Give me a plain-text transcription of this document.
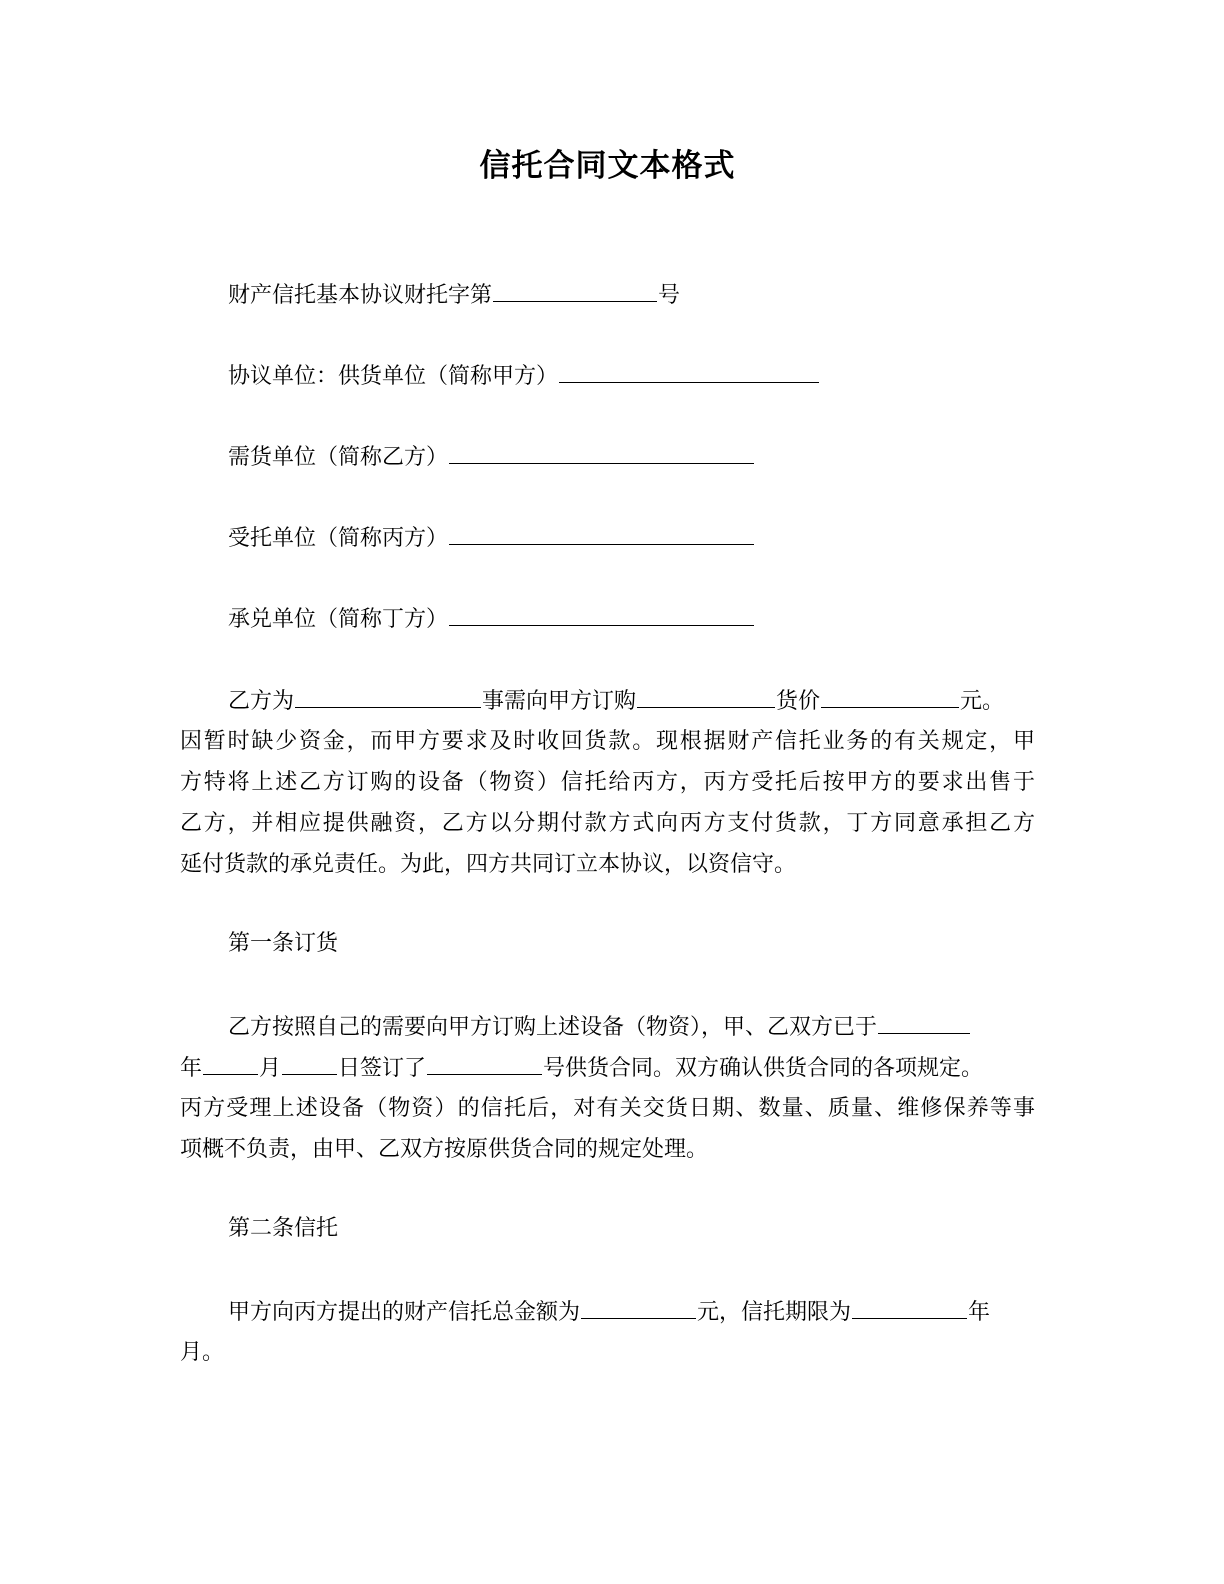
信托合同文本格式
财产信托基本协议财托字第	号
协议单位：供货单位（简称甲方）
需货单位（简称乙方）
受托单位（简称丙方）
承兑单位（简称丁方）
乙方为	事需向甲方订购	货价	元。
因暂时缺少资金，而甲方要求及时收回货款。现根据财产信托业务的有关规定，甲
方特将上述乙方订购的设备（物资）信托给丙方，丙方受托后按甲方的要求出售于
乙方，并相应提供融资，乙方以分期付款方式向丙方支付货款，丁方同意承担乙方
延付货款的承兑责任。为此，四方共同订立本协议，以资信守。
第一条订货
乙方按照自己的需要向甲方订购上述设备（物资），甲、乙双方已于
年	月	日签订了	号供货合同。双方确认供货合同的各项规定。
丙方受理上述设备（物资）的信托后，对有关交货日期、数量、质量、维修保养等事
项概不负责，由甲、乙双方按原供货合同的规定处理。
第二条信托
甲方向丙方提出的财产信托总金额为	元，信托期限为	年
月。
